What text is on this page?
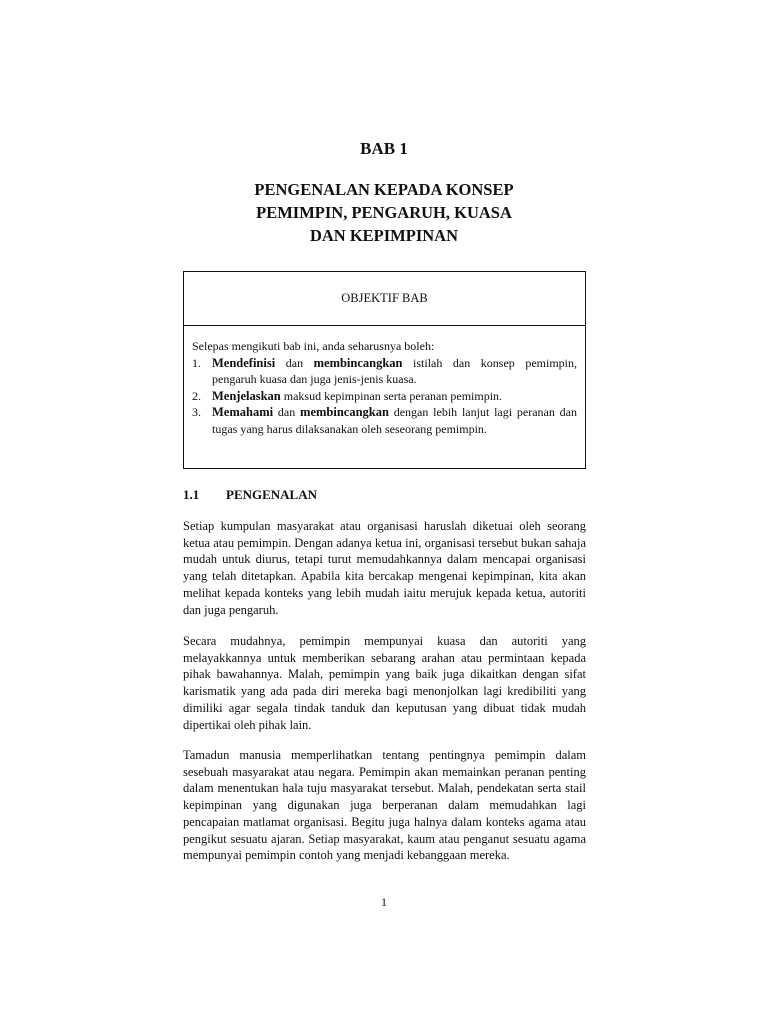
BAB 1
PENGENALAN KEPADA KONSEP
PEMIMPIN, PENGARUH, KUASA
DAN KEPIMPINAN
OBJEKTIF BAB

Selepas mengikuti bab ini, anda seharusnya boleh:

1. Mendefinisi dan membincangkan istilah dan konsep pemimpin, pengaruh kuasa dan juga jenis-jenis kuasa.
2. Menjelaskan maksud kepimpinan serta peranan pemimpin.
3. Memahami dan membincangkan dengan lebih lanjut lagi peranan dan tugas yang harus dilaksanakan oleh seseorang pemimpin.
1.1 PENGENALAN

Setiap kumpulan masyarakat atau organisasi haruslah diketuai oleh seorang ketua atau pemimpin. Dengan adanya ketua ini, organisasi tersebut bukan sahaja mudah untuk diurus, tetapi turut memudahkannya dalam mencapai organisasi yang telah ditetapkan. Apabila kita bercakap mengenai kepimpinan, kita akan melihat kepada konteks yang lebih mudah iaitu merujuk kepada ketua, autoriti dan juga pengaruh.

Secara mudahnya, pemimpin mempunyai kuasa dan autoriti yang melayakkannya untuk memberikan sebarang arahan atau permintaan kepada pihak bawahannya. Malah, pemimpin yang baik juga dikaitkan dengan sifat karismatik yang ada pada diri mereka bagi menonjolkan lagi kredibiliti yang dimiliki agar segala tindak tanduk dan keputusan yang dibuat tidak mudah dipertikai oleh pihak lain.

Tamadun manusia memperlihatkan tentang pentingnya pemimpin dalam sesebuah masyarakat atau negara. Pemimpin akan memainkan peranan penting dalam menentukan hala tuju masyarakat tersebut. Malah, pendekatan serta stail kepimpinan yang digunakan juga berperanan dalam memudahkan lagi pencapaian matlamat organisasi. Begitu juga halnya dalam konteks agama atau pengikut sesuatu ajaran. Setiap masyarakat, kaum atau penganut sesuatu agama mempunyai pemimpin contoh yang menjadi kebanggaan mereka.

1
